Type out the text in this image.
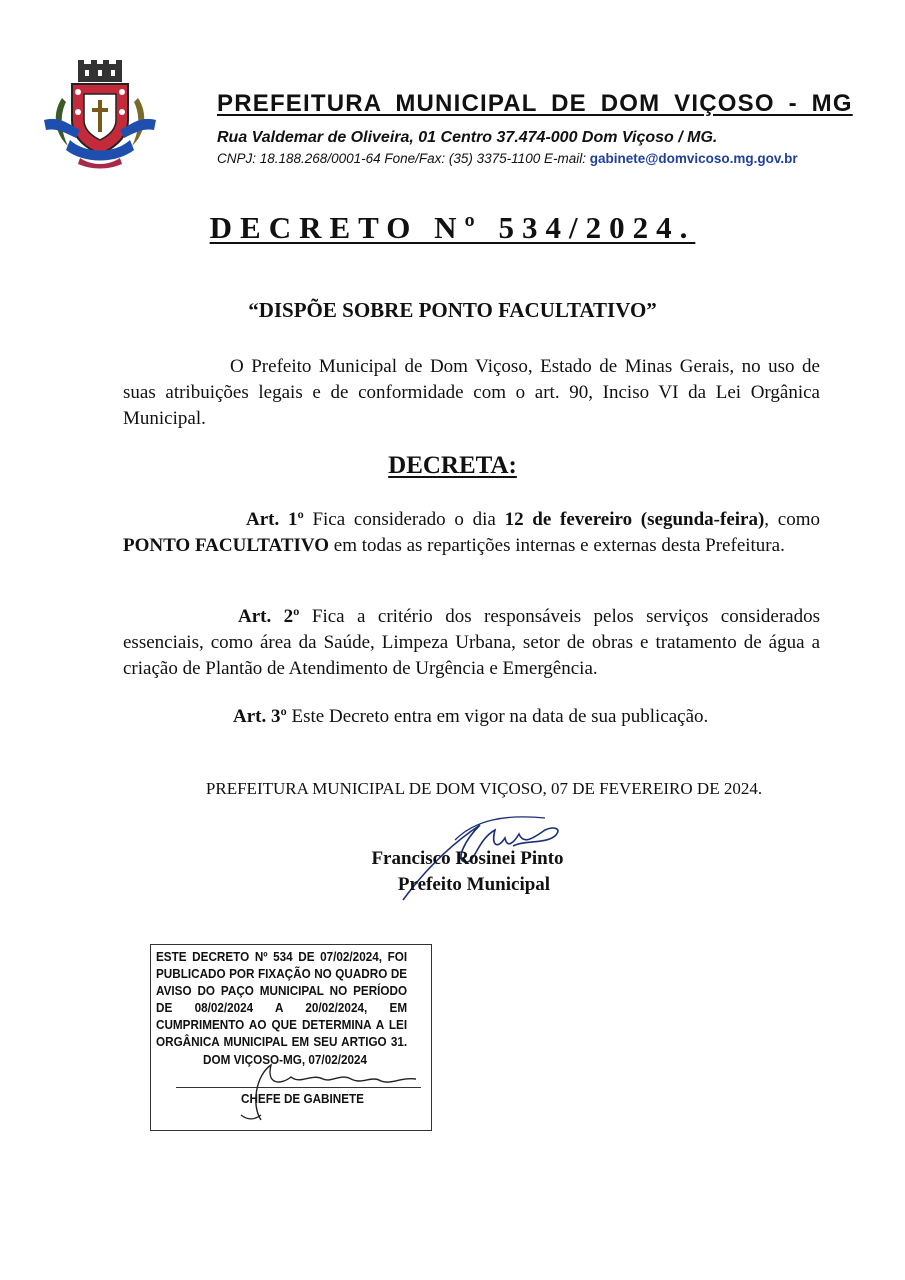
PREFEITURA MUNICIPAL DE DOM VIÇOSO - MG
Rua Valdemar de Oliveira, 01 Centro 37.474-000 Dom Viçoso / MG.
CNPJ: 18.188.268/0001-64 Fone/Fax: (35) 3375-1100 E-mail: gabinete@domvicoso.mg.gov.br
DECRETO Nº 534/2024.
“DISPÕE SOBRE PONTO FACULTATIVO”
O Prefeito Municipal de Dom Viçoso, Estado de Minas Gerais, no uso de suas atribuições legais e de conformidade com o art. 90, Inciso VI da Lei Orgânica Municipal.
DECRETA:
Art. 1º Fica considerado o dia 12 de fevereiro (segunda-feira), como PONTO FACULTATIVO em todas as repartições internas e externas desta Prefeitura.
Art. 2º Fica a critério dos responsáveis pelos serviços considerados essenciais, como área da Saúde, Limpeza Urbana, setor de obras e tratamento de água a criação de Plantão de Atendimento de Urgência e Emergência.
Art. 3º Este Decreto entra em vigor na data de sua publicação.
PREFEITURA MUNICIPAL DE DOM VIÇOSO, 07 DE FEVEREIRO DE 2024.
Francisco Rosinei Pinto
Prefeito Municipal
ESTE DECRETO Nº 534 DE 07/02/2024, FOI
PUBLICADO POR FIXAÇÃO NO QUADRO DE
AVISO DO PAÇO MUNICIPAL NO PERÍODO
DE 08/02/2024 A 20/02/2024, EM
CUMPRIMENTO AO QUE DETERMINA A LEI
ORGÂNICA MUNICIPAL EM SEU ARTIGO 31.
DOM VIÇOSO-MG, 07/02/2024
CHEFE DE GABINETE
